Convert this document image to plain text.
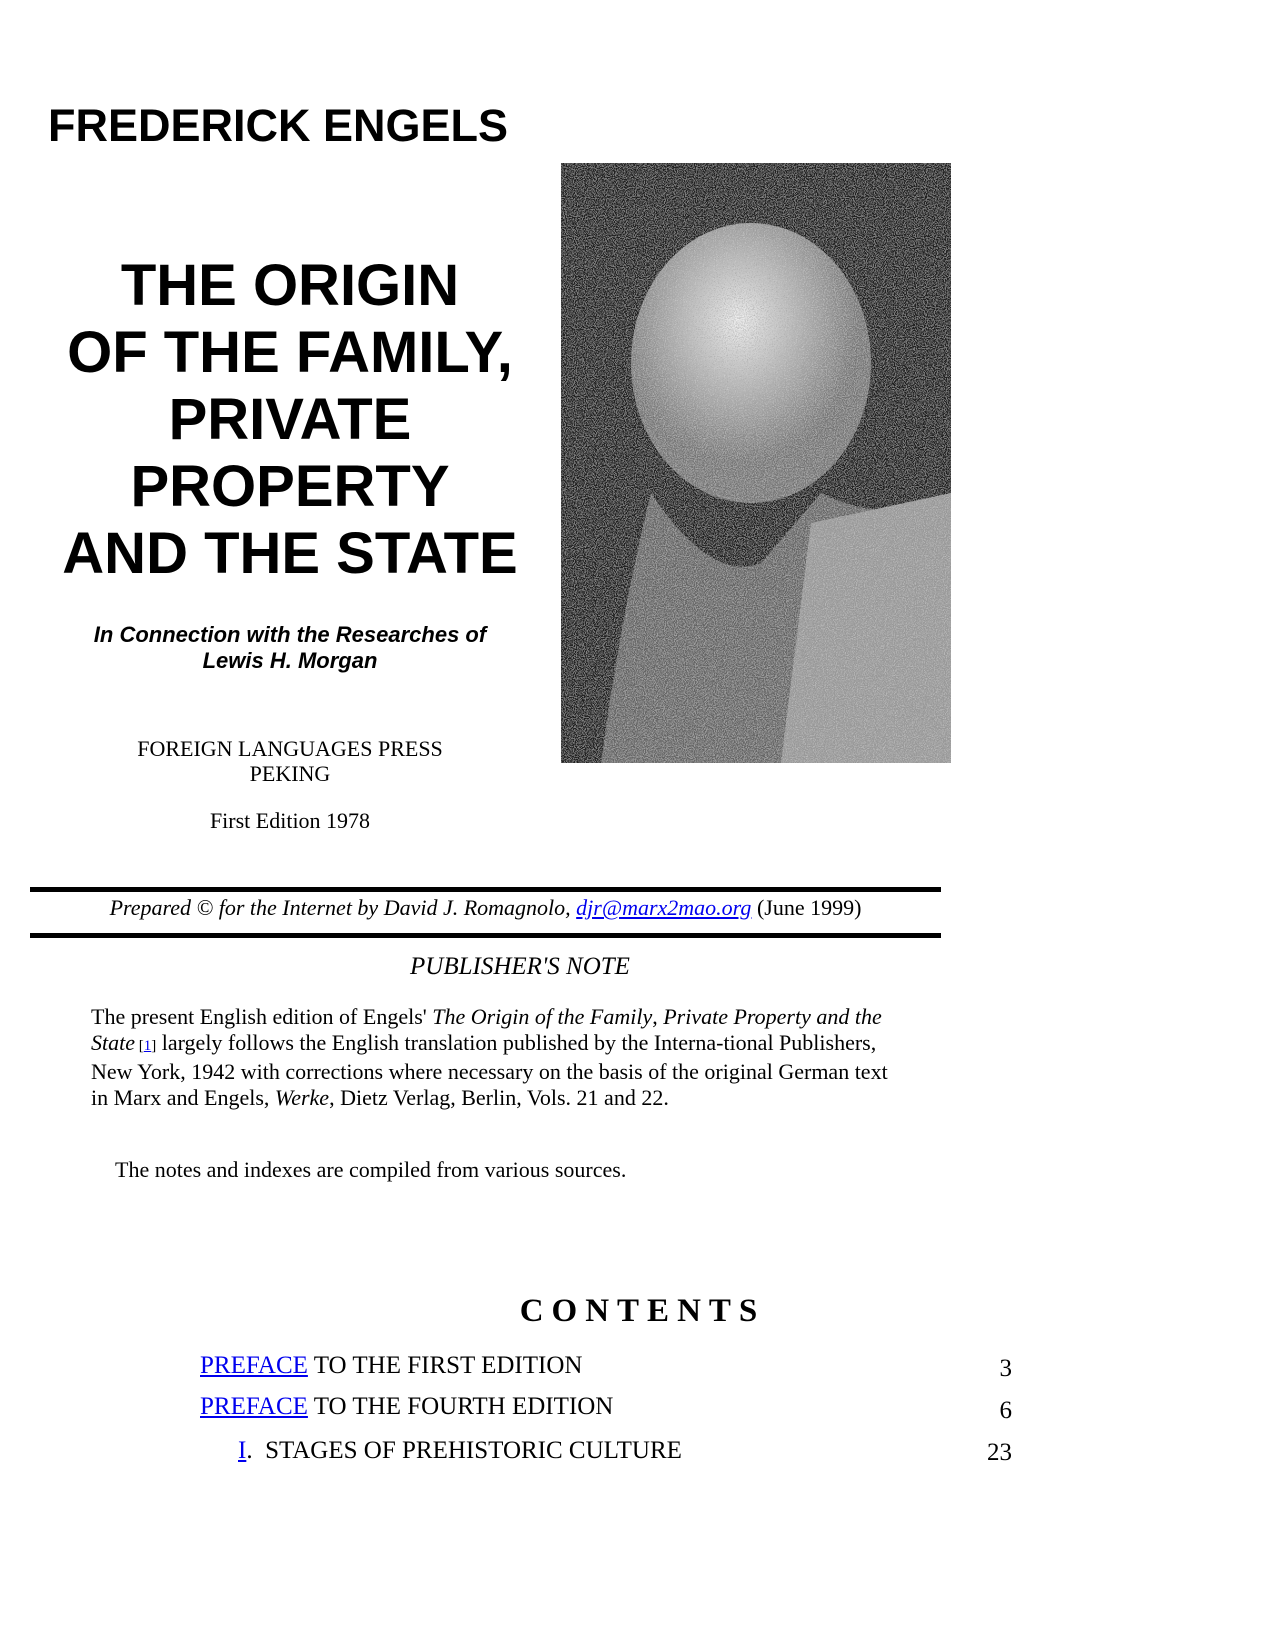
FREDERICK ENGELS
THE ORIGIN
OF THE FAMILY,
PRIVATE
PROPERTY
AND THE STATE
In Connection with the Researches of
Lewis H. Morgan
FOREIGN LANGUAGES PRESS
PEKING
First Edition 1978
Prepared © for the Internet by David J. Romagnolo, djr@marx2mao.org (June 1999)
PUBLISHER'S NOTE
The present English edition of Engels' The Origin of the Family, Private Property and the State [1] largely follows the English translation published by the Interna-tional Publishers, New York, 1942 with corrections where necessary on the basis of the original German text in Marx and Engels, Werke, Dietz Verlag, Berlin, Vols. 21 and 22.
The notes and indexes are compiled from various sources.
CONTENTS
PREFACE TO THE FIRST EDITION	3
PREFACE TO THE FOURTH EDITION	6
I.  STAGES OF PREHISTORIC CULTURE	23
